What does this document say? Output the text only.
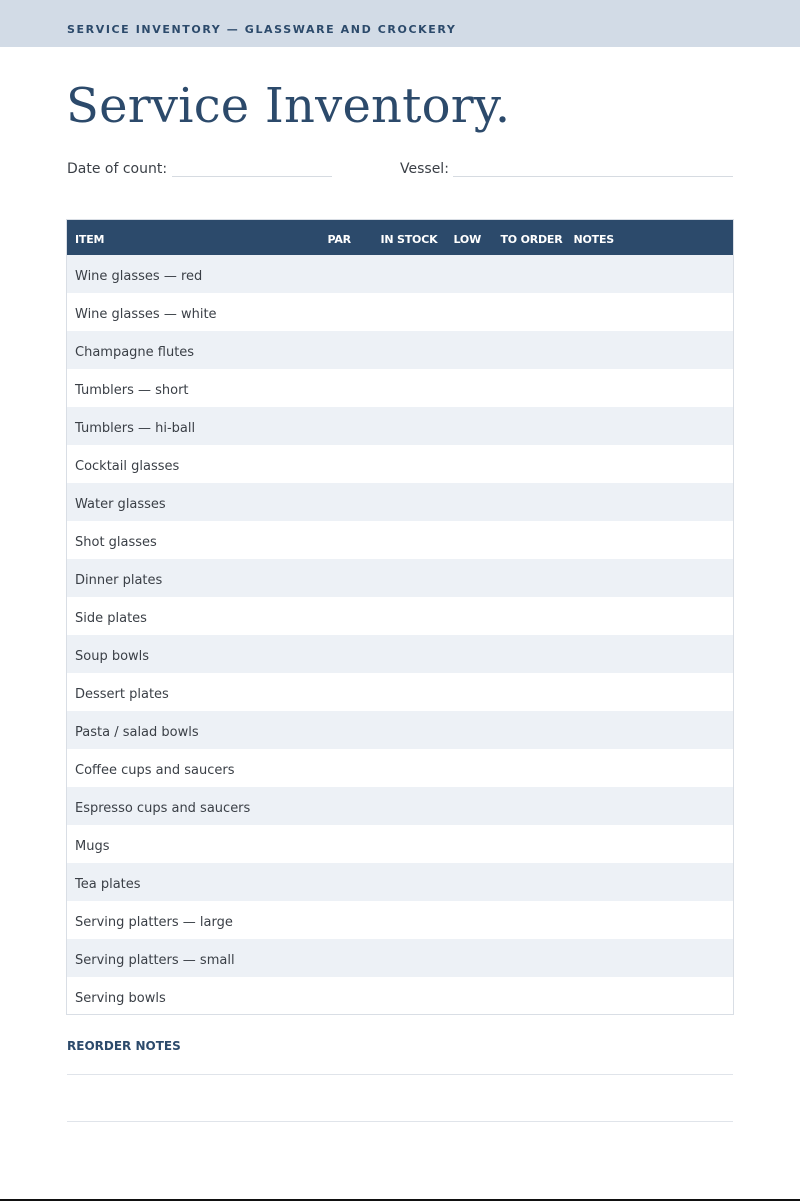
SERVICE INVENTORY — GLASSWARE AND CROCKERY
Service Inventory.
Date of count:	Vessel:
ITEM	PAR	IN STOCK	LOW	TO ORDER	NOTES
Wine glasses — red					
Wine glasses — white					
Champagne flutes					
Tumblers — short					
Tumblers — hi-ball					
Cocktail glasses					
Water glasses					
Shot glasses					
Dinner plates					
Side plates					
Soup bowls					
Dessert plates					
Pasta / salad bowls					
Coffee cups and saucers					
Espresso cups and saucers					
Mugs					
Tea plates					
Serving platters — large					
Serving platters — small					
Serving bowls					
REORDER NOTES
